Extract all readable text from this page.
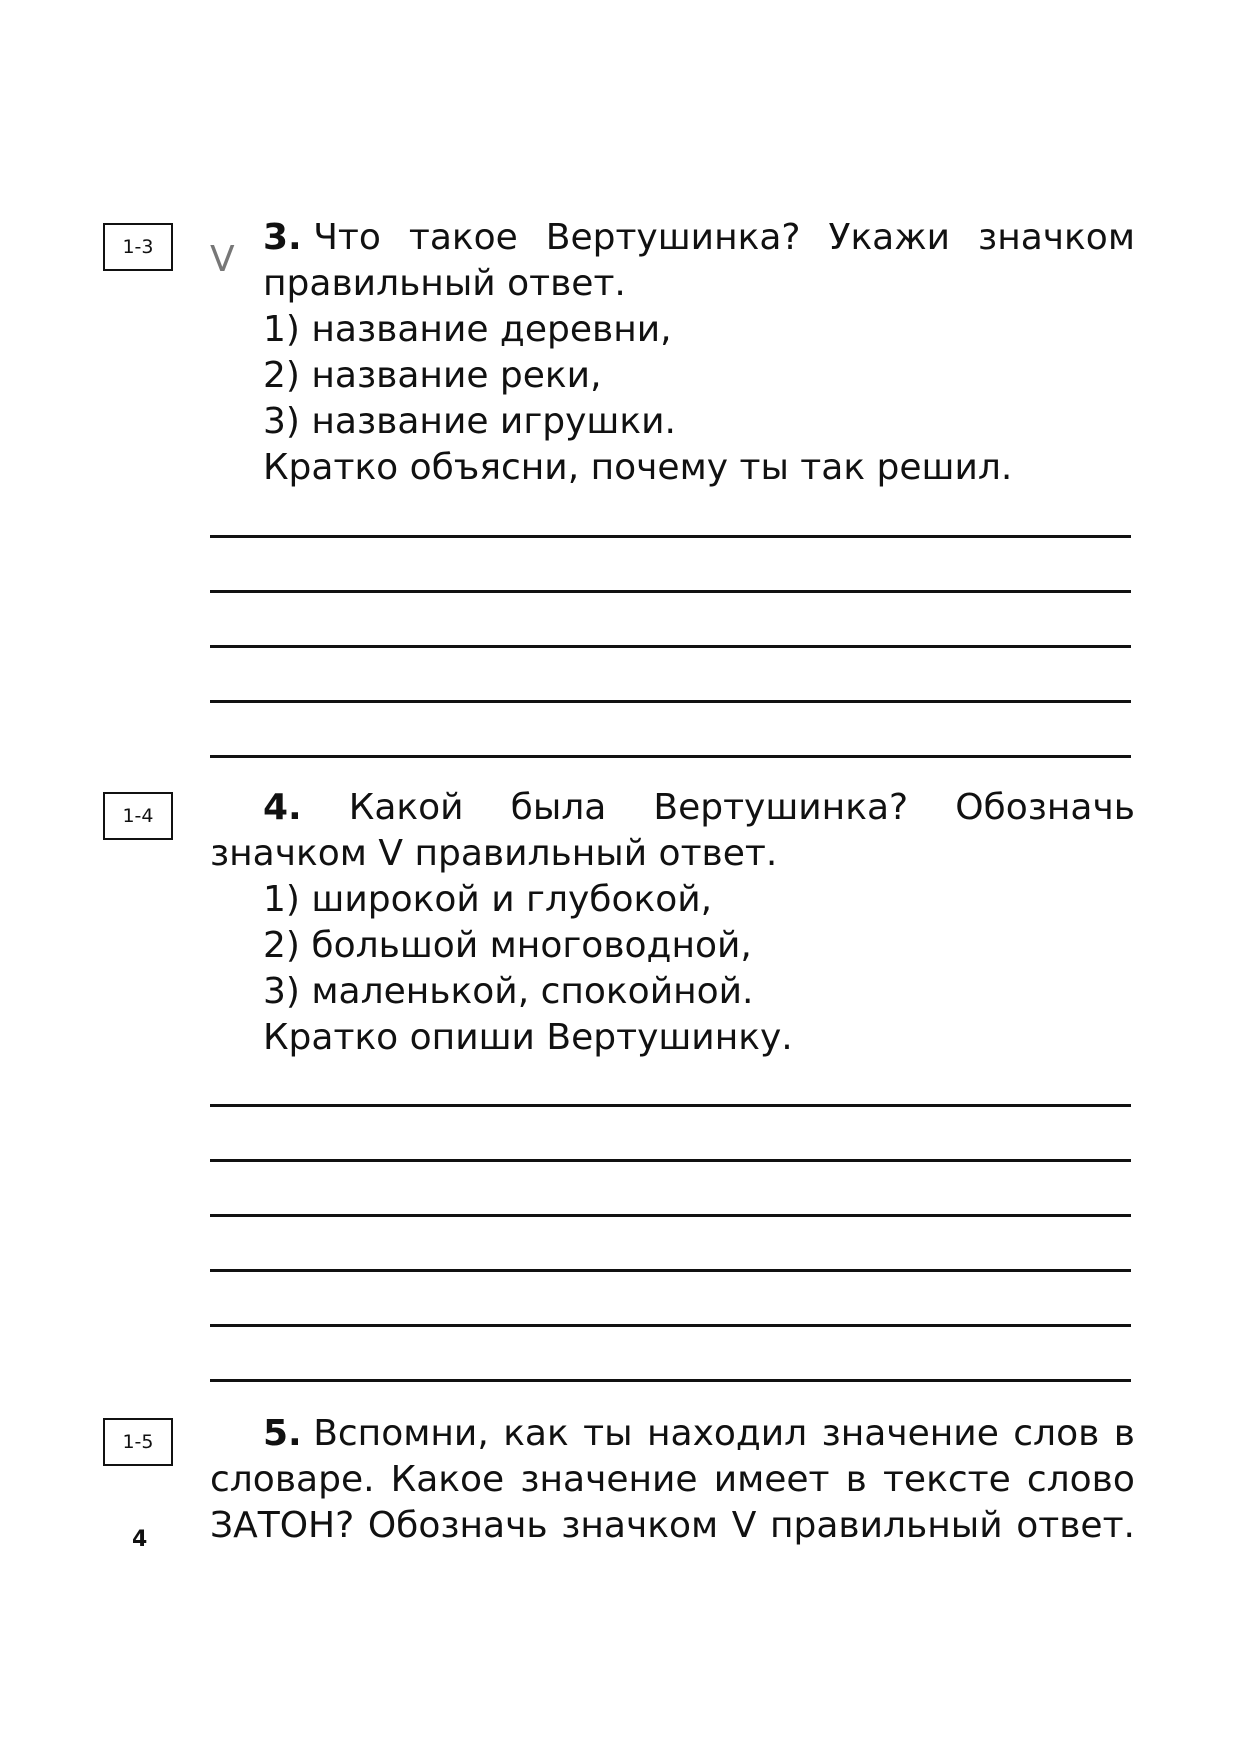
4
1-3	3. Что такое Вертушинка? Укажи значком
V
правильный ответ.
1) название деревни,
2) название реки,
3) название игрушки.
Кратко объясни, почему ты так решил.
1-4	4. Какой была Вертушинка? Обозначь
значком V правильный ответ.
1) широкой и глубокой,
2) большой многоводной,
3) маленькой, спокойной.
Кратко опиши Вертушинку.
1-5	5. Вспомни, как ты находил значение слов в
словаре. Какое значение имеет в тексте слово
ЗАТОН? Обозначь значком V правильный ответ.
